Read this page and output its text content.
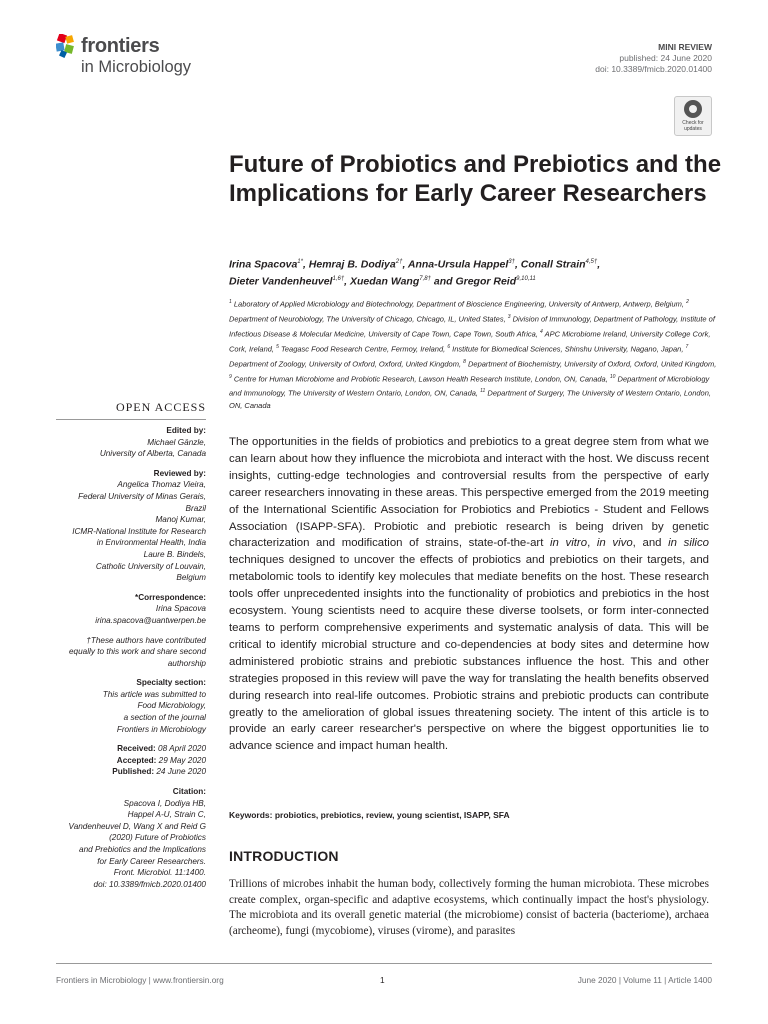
frontiers
in Microbiology
MINI REVIEW
published: 24 June 2020
doi: 10.3389/fmicb.2020.01400
Check for
updates
Future of Probiotics and Prebiotics and the Implications for Early Career Researchers
Irina Spacova$^{1*}$, Hemraj B. Dodiya$^{2\dagger}$, Anna-Ursula Happel$^{3\dagger}$, Conall Strain$^{4,5\dagger}$,
Dieter Vandenheuvel$^{1,6\dagger}$, Xuedan Wang$^{7,8\dagger}$ and Gregor Reid$^{9,10,11}$
$^1$ Laboratory of Applied Microbiology and Biotechnology, Department of Bioscience Engineering, University of Antwerp, Antwerp, Belgium, $^2$ Department of Neurobiology, The University of Chicago, Chicago, IL, United States, $^3$ Division of Immunology, Department of Pathology, Institute of Infectious Disease & Molecular Medicine, University of Cape Town, Cape Town, South Africa, $^4$ APC Microbiome Ireland, University College Cork, Cork, Ireland, $^5$ Teagasc Food Research Centre, Fermoy, Ireland, $^6$ Institute for Biomedical Sciences, Shinshu University, Nagano, Japan, $^7$ Department of Zoology, University of Oxford, Oxford, United Kingdom, $^8$ Department of Biochemistry, University of Oxford, Oxford, United Kingdom, $^9$ Centre for Human Microbiome and Probiotic Research, Lawson Health Research Institute, London, ON, Canada, $^{10}$ Department of Microbiology and Immunology, The University of Western Ontario, London, ON, Canada, $^{11}$ Department of Surgery, The University of Western Ontario, London, ON, Canada
OPEN ACCESS
Edited by:
Michael Gänzle,
University of Alberta, Canada
Reviewed by:
Angelica Thomaz Vieira,
Federal University of Minas Gerais,
Brazil
Manoj Kumar,
ICMR-National Institute for Research
in Environmental Health, India
Laure B. Bindels,
Catholic University of Louvain,
Belgium
*Correspondence:
Irina Spacova
irina.spacova@uantwerpen.be
†These authors have contributed
equally to this work and share second
authorship
Specialty section:
This article was submitted to
Food Microbiology,
a section of the journal
Frontiers in Microbiology
Received: 08 April 2020
Accepted: 29 May 2020
Published: 24 June 2020
Citation:
Spacova I, Dodiya HB,
Happel A-U, Strain C,
Vandenheuvel D, Wang X and Reid G
(2020) Future of Probiotics
and Prebiotics and the Implications
for Early Career Researchers.
Front. Microbiol. 11:1400.
doi: 10.3389/fmicb.2020.01400
The opportunities in the fields of probiotics and prebiotics to a great degree stem from what we can learn about how they influence the microbiota and interact with the host. We discuss recent insights, cutting-edge technologies and controversial results from the perspective of early career researchers innovating in these areas. This perspective emerged from the 2019 meeting of the International Scientific Association for Probiotics and Prebiotics - Student and Fellows Association (ISAPP-SFA). Probiotic and prebiotic research is being driven by genetic characterization and modification of strains, state-of-the-art in vitro, in vivo, and in silico techniques designed to uncover the effects of probiotics and prebiotics on their targets, and metabolomic tools to identify key molecules that mediate benefits on the host. These research tools offer unprecedented insights into the functionality of probiotics and prebiotics in the host ecosystem. Young scientists need to acquire these diverse toolsets, or form inter-connected teams to perform comprehensive experiments and systematic analysis of data. This will be critical to identify microbial structure and co-dependencies at body sites and determine how administered probiotic strains and prebiotic substances influence the host. This and other strategies proposed in this review will pave the way for translating the health benefits observed during research into real-life outcomes. Probiotic strains and prebiotic products can contribute greatly to the amelioration of global issues threatening society. The intent of this article is to provide an early career researcher's perspective on where the biggest opportunities lie to advance science and impact human health.
Keywords: probiotics, prebiotics, review, young scientist, ISAPP, SFA
INTRODUCTION
Trillions of microbes inhabit the human body, collectively forming the human microbiota. These microbes create complex, organ-specific and adaptive ecosystems, which continually impact the host's physiology. The microbiota and its overall genetic material (the microbiome) consist of bacteria (bacteriome), archaea (archeome), fungi (mycobiome), viruses (virome), and parasites
Frontiers in Microbiology | www.frontiersin.org	1	June 2020 | Volume 11 | Article 1400
